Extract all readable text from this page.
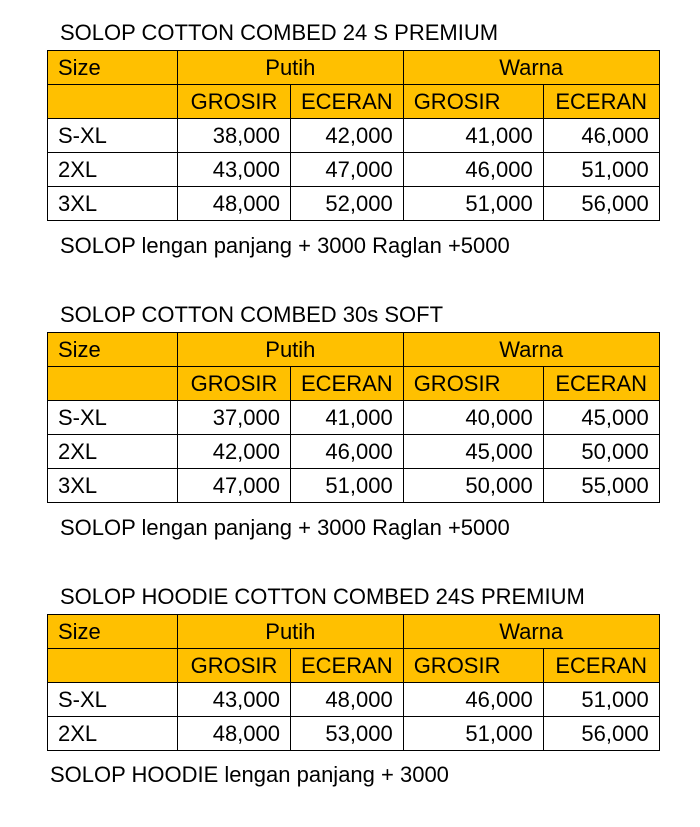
SOLOP COTTON COMBED 24 S PREMIUM
Size	Putih		Warna	
	GROSIR	ECERAN	GROSIR	ECERAN
S-XL	38,000	42,000	41,000	46,000
2XL	43,000	47,000	46,000	51,000
3XL	48,000	52,000	51,000	56,000
SOLOP lengan panjang + 3000 Raglan +5000
SOLOP COTTON COMBED 30s SOFT
Size	Putih		Warna	
	GROSIR	ECERAN	GROSIR	ECERAN
S-XL	37,000	41,000	40,000	45,000
2XL	42,000	46,000	45,000	50,000
3XL	47,000	51,000	50,000	55,000
SOLOP lengan panjang + 3000 Raglan +5000
SOLOP HOODIE COTTON COMBED 24S PREMIUM
Size	Putih		Warna	
	GROSIR	ECERAN	GROSIR	ECERAN
S-XL	43,000	48,000	46,000	51,000
2XL	48,000	53,000	51,000	56,000
SOLOP HOODIE lengan panjang + 3000
